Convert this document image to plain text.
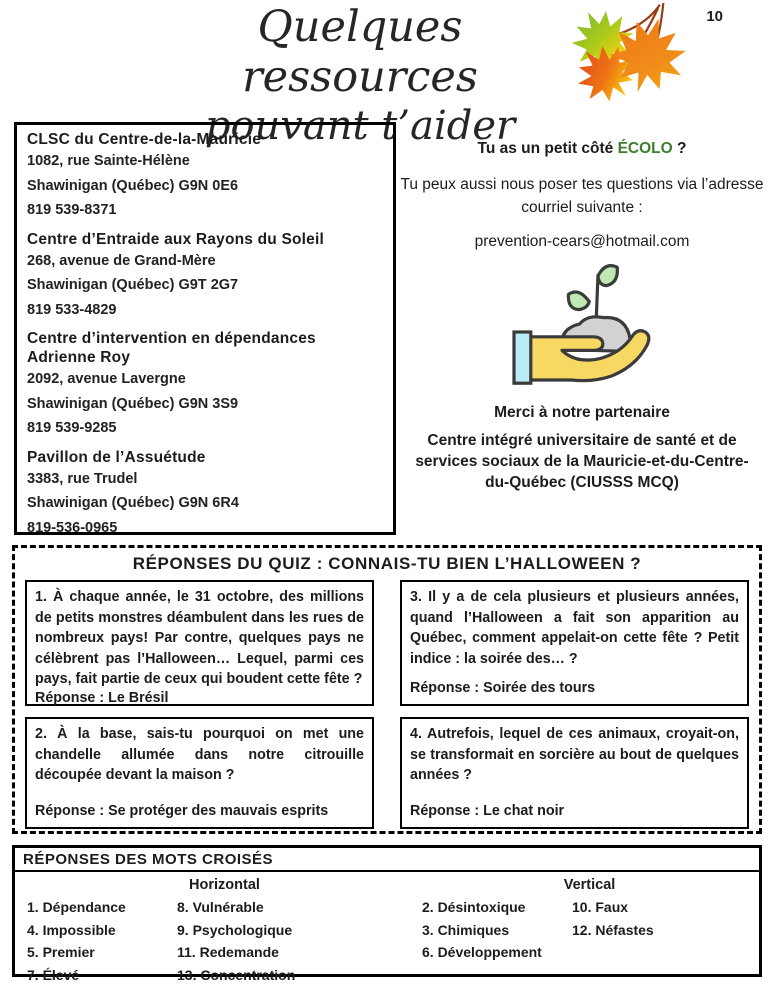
10
Quelques ressources
pouvant t’aider
CLSC du Centre-de-la-Mauricie
1082, rue Sainte-Hélène
Shawinigan (Québec) G9N 0E6
819 539-8371
Centre d’Entraide aux Rayons du Soleil
268, avenue de Grand-Mère
Shawinigan (Québec) G9T 2G7
819 533-4829
Centre d’intervention en dépendances Adrienne Roy
2092, avenue Lavergne
Shawinigan (Québec) G9N 3S9
819 539-9285
Pavillon de l’Assuétude
3383, rue Trudel
Shawinigan (Québec) G9N 6R4
819-536-0965
Tu as un petit côté ÉCOLO ?
Tu peux aussi nous poser tes questions via l’adresse courriel suivante :
prevention-cears@hotmail.com
Merci à notre partenaire
Centre intégré universitaire de santé et de services sociaux de la Mauricie-et-du-Centre-du-Québec (CIUSSS MCQ)
RÉPONSES DU QUIZ : CONNAIS-TU BIEN L’HALLOWEEN ?
1. À chaque année, le 31 octobre, des millions de petits monstres déambulent dans les rues de nombreux pays! Par contre, quelques pays ne célèbrent pas l’Halloween… Lequel, parmi ces pays, fait partie de ceux qui boudent cette fête ?
Réponse : Le Brésil
3. Il y a de cela plusieurs et plusieurs années, quand l’Halloween a fait son apparition au Québec, comment appelait-on cette fête ? Petit indice : la soirée des… ?
Réponse : Soirée des tours
2. À la base, sais-tu pourquoi on met une chandelle allumée dans notre citrouille découpée devant la maison ?
Réponse : Se protéger des mauvais esprits
4. Autrefois, lequel de ces animaux, croyait-on, se transformait en sorcière au bout de quelques années ?
Réponse : Le chat noir
RÉPONSES DES MOTS CROISÉS
Horizontal	Vertical
1. Dépendance	8. Vulnérable	2. Désintoxique	10. Faux
4. Impossible	9. Psychologique	3. Chimiques	12. Néfastes
5. Premier	11. Redemande	6. Développement
7. Élevé	13. Concentration
